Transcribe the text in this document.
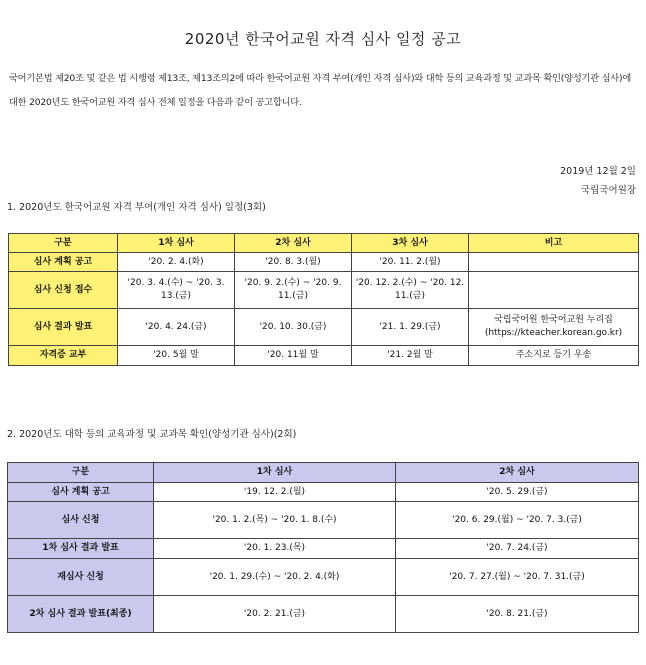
2020년 한국어교원 자격 심사 일정 공고
국어기본법 제20조 및 같은 법 시행령 제13조, 제13조의2에 따라 한국어교원 자격 부여(개인 자격 심사)와 대학 등의 교육과정 및 교과목 확인(양성기관 심사)에
대한 2020년도 한국어교원 자격 심사 전체 일정을 다음과 같이 공고합니다.
2019년 12월 2일
국립국어원장
1. 2020년도 한국어교원 자격 부여(개인 자격 심사) 일정(3회)
구분	1차 심사	2차 심사	3차 심사	비고
심사 계획 공고	'20. 2. 4.(화)	'20. 8. 3.(월)	'20. 11. 2.(월)	
심사 신청 접수	'20. 3. 4.(수) ~ '20. 3. 13.(금)	'20. 9. 2.(수) ~ '20. 9. 11.(금)	'20. 12. 2.(수) ~ '20. 12. 11.(금)	
심사 결과 발표	'20. 4. 24.(금)	'20. 10. 30.(금)	'21. 1. 29.(금)	국립국어원 한국어교원 누리집 (https://kteacher.korean.go.kr)
자격증 교부	'20. 5월 말	'20. 11월 말	'21. 2월 말	주소지로 등기 우송
2. 2020년도 대학 등의 교육과정 및 교과목 확인(양성기관 심사)(2회)
구분	1차 심사	2차 심사
심사 계획 공고	'19. 12. 2.(월)	'20. 5. 29.(금)
심사 신청	'20. 1. 2.(목) ~ '20. 1. 8.(수)	'20. 6. 29.(월) ~ '20. 7. 3.(금)
1차 심사 결과 발표	'20. 1. 23.(목)	'20. 7. 24.(금)
재심사 신청	'20. 1. 29.(수) ~ '20. 2. 4.(화)	'20. 7. 27.(월) ~ '20. 7. 31.(금)
2차 심사 결과 발표(최종)	'20. 2. 21.(금)	'20. 8. 21.(금)
